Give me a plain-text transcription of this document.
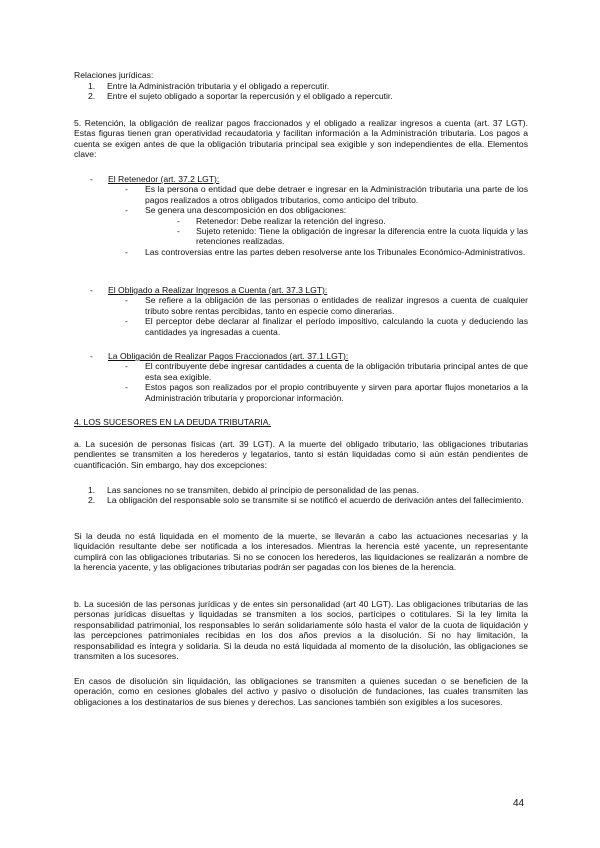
Relaciones jurídicas:

1. Entre la Administración tributaria y el obligado a repercutir.
2. Entre el sujeto obligado a soportar la repercusión y el obligado a repercutir.

5. Retención, la obligación de realizar pagos fraccionados y el obligado a realizar ingresos a cuenta (art. 37 LGT). Estas figuras tienen gran operatividad recaudatoria y facilitan información a la Administración tributaria. Los pagos a cuenta se exigen antes de que la obligación tributaria principal sea exigible y son independientes de ella. Elementos clave:

- El Retenedor (art. 37.2 LGT):
- Es la persona o entidad que debe detraer e ingresar en la Administración tributaria una parte de los pagos realizados a otros obligados tributarios, como anticipo del tributo.
- Se genera una descomposición en dos obligaciones:
- Retenedor: Debe realizar la retención del ingreso.
- Sujeto retenido: Tiene la obligación de ingresar la diferencia entre la cuota líquida y las retenciones realizadas.
- Las controversias entre las partes deben resolverse ante los Tribunales Económico-Administrativos.
- El Obligado a Realizar Ingresos a Cuenta (art. 37.3 LGT):
- Se refiere a la obligación de las personas o entidades de realizar ingresos a cuenta de cualquier tributo sobre rentas percibidas, tanto en especie como dinerarias.
- El perceptor debe declarar al finalizar el período impositivo, calculando la cuota y deduciendo las cantidades ya ingresadas a cuenta.
- La Obligación de Realizar Pagos Fraccionados (art. 37.1 LGT):
- El contribuyente debe ingresar cantidades a cuenta de la obligación tributaria principal antes de que esta sea exigible.
- Estos pagos son realizados por el propio contribuyente y sirven para aportar flujos monetarios a la Administración tributaria y proporcionar información.

4. LOS SUCESORES EN LA DEUDA TRIBUTARIA.

a. La sucesión de personas físicas (art. 39 LGT). A la muerte del obligado tributario, las obligaciones tributarias pendientes se transmiten a los herederos y legatarios, tanto si están liquidadas como si aún están pendientes de cuantificación. Sin embargo, hay dos excepciones:

1. Las sanciones no se transmiten, debido al principio de personalidad de las penas.
2. La obligación del responsable solo se transmite si se notificó el acuerdo de derivación antes del fallecimiento.

Si la deuda no está liquidada en el momento de la muerte, se llevarán a cabo las actuaciones necesarias y la liquidación resultante debe ser notificada a los interesados. Mientras la herencia esté yacente, un representante cumplirá con las obligaciones tributarias. Si no se conocen los herederos, las liquidaciones se realizarán a nombre de la herencia yacente, y las obligaciones tributarias podrán ser pagadas con los bienes de la herencia.

b. La sucesión de las personas jurídicas y de entes sin personalidad (art 40 LGT). Las obligaciones tributarias de las personas jurídicas disueltas y liquidadas se transmiten a los socios, partícipes o cotitulares. Si la ley limita la responsabilidad patrimonial, los responsables lo serán solidariamente sólo hasta el valor de la cuota de liquidación y las percepciones patrimoniales recibidas en los dos años previos a la disolución. Si no hay limitación, la responsabilidad es íntegra y solidaria. Si la deuda no está liquidada al momento de la disolución, las obligaciones se transmiten a los sucesores.

En casos de disolución sin liquidación, las obligaciones se transmiten a quienes sucedan o se beneficien de la operación, como en cesiones globales del activo y pasivo o disolución de fundaciones, las cuales transmiten las obligaciones a los destinatarios de sus bienes y derechos. Las sanciones también son exigibles a los sucesores.

44
